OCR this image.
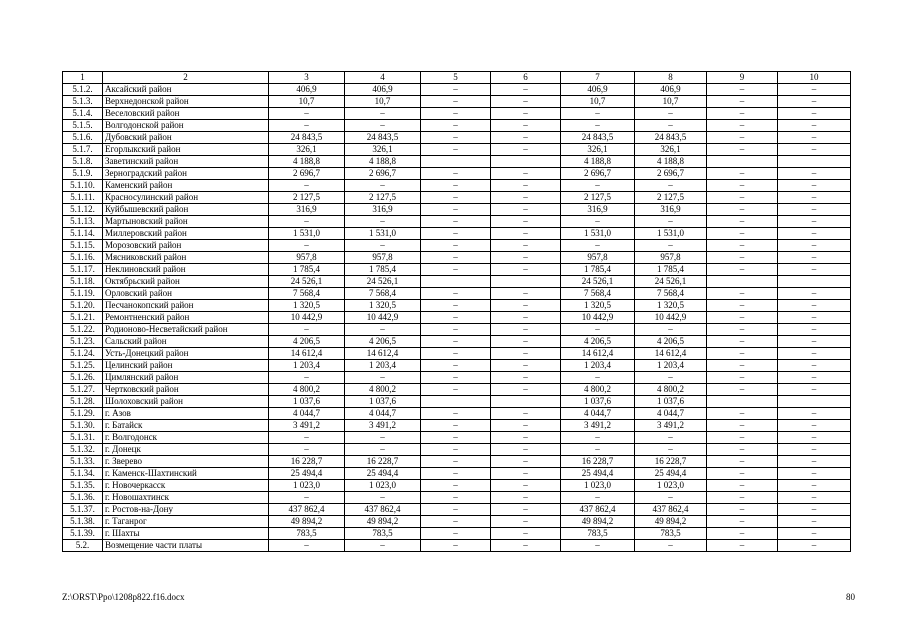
1	2	3	4	5	6	7	8	9	10
5.1.2.	Аксайский район	406,9	406,9	–	–	406,9	406,9	–	–
5.1.3.	Верхнедонской район	10,7	10,7	–	–	10,7	10,7	–	–
5.1.4.	Веселовский район	–	–	–	–	–	–	–	–
5.1.5.	Волгодонской район	–	–	–	–	–	–	–	–
5.1.6.	Дубовский район	24 843,5	24 843,5	–	–	24 843,5	24 843,5	–	–
5.1.7.	Егорлыкский район	326,1	326,1	–	–	326,1	326,1	–	–
5.1.8.	Заветинский район	4 188,8	4 188,8			4 188,8	4 188,8		
5.1.9.	Зерноградский район	2 696,7	2 696,7	–	–	2 696,7	2 696,7	–	–
5.1.10.	Каменский район	–	–	–	–	–	–	–	–
5.1.11.	Красносулинский район	2 127,5	2 127,5	–	–	2 127,5	2 127,5	–	–
5.1.12.	Куйбышевский район	316,9	316,9	–	–	316,9	316,9	–	–
5.1.13.	Мартыновский район	–	–	–	–	–	–	–	–
5.1.14.	Миллеровский район	1 531,0	1 531,0	–	–	1 531,0	1 531,0	–	–
5.1.15.	Морозовский район	–	–	–	–	–	–	–	–
5.1.16.	Мясниковский район	957,8	957,8	–	–	957,8	957,8	–	–
5.1.17.	Неклиновский район	1 785,4	1 785,4	–	–	1 785,4	1 785,4	–	–
5.1.18.	Октябрьский район	24 526,1	24 526,1			24 526,1	24 526,1		
5.1.19.	Орловский район	7 568,4	7 568,4	–	–	7 568,4	7 568,4	–	–
5.1.20.	Песчанокопский район	1 320,5	1 320,5	–	–	1 320,5	1 320,5	–	–
5.1.21.	Ремонтненский район	10 442,9	10 442,9	–	–	10 442,9	10 442,9	–	–
5.1.22.	Родионово-Несветайский район	–	–	–	–	–	–	–	–
5.1.23.	Сальский район	4 206,5	4 206,5	–	–	4 206,5	4 206,5	–	–
5.1.24.	Усть-Донецкий район	14 612,4	14 612,4	–	–	14 612,4	14 612,4	–	–
5.1.25.	Целинский район	1 203,4	1 203,4	–	–	1 203,4	1 203,4	–	–
5.1.26.	Цимлянский район	–	–	–	–	–	–	–	–
5.1.27.	Чертковский район	4 800,2	4 800,2	–	–	4 800,2	4 800,2	–	–
5.1.28.	Шолоховский район	1 037,6	1 037,6			1 037,6	1 037,6		
5.1.29.	г. Азов	4 044,7	4 044,7	–	–	4 044,7	4 044,7	–	–
5.1.30.	г. Батайск	3 491,2	3 491,2	–	–	3 491,2	3 491,2	–	–
5.1.31.	г. Волгодонск	–	–	–	–	–	–	–	–
5.1.32.	г. Донецк	–	–	–	–	–	–	–	–
5.1.33.	г. Зверево	16 228,7	16 228,7	–	–	16 228,7	16 228,7	–	–
5.1.34.	г. Каменск-Шахтинский	25 494,4	25 494,4	–	–	25 494,4	25 494,4	–	–
5.1.35.	г. Новочеркасск	1 023,0	1 023,0	–	–	1 023,0	1 023,0	–	–
5.1.36.	г. Новошахтинск	–	–	–	–	–	–	–	–
5.1.37.	г. Ростов-на-Дону	437 862,4	437 862,4	–	–	437 862,4	437 862,4	–	–
5.1.38.	г. Таганрог	49 894,2	49 894,2	–	–	49 894,2	49 894,2	–	–
5.1.39.	г. Шахты	783,5	783,5	–	–	783,5	783,5	–	–
5.2.	Возмещение части платы	–	–	–	–	–	–	–	–
Z:\ORST\Ppo\1208p822.f16.docx	80
